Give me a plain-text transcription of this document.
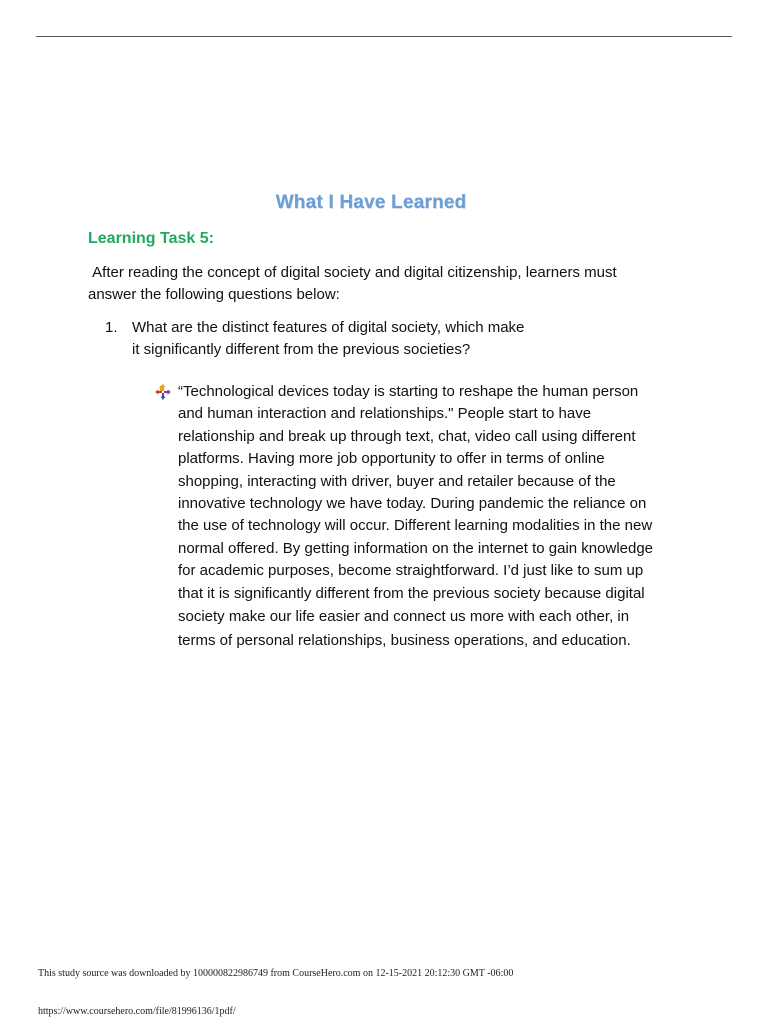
What I Have Learned
Learning Task 5:

After reading the concept of digital society and digital citizenship, learners must answer the following questions below:

1. What are the distinct features of digital society, which make it significantly different from the previous societies?

“Technological devices today is starting to reshape the human person and human interaction and relationships." People start to have relationship and break up through text, chat, video call using different platforms. Having more job opportunity to offer in terms of online shopping, interacting with driver, buyer and retailer because of the innovative technology we have today. During pandemic the reliance on the use of technology will occur. Different learning modalities in the new normal offered. By getting information on the internet to gain knowledge for academic purposes, become straightforward. I’d just like to sum up that it is significantly different from the previous society because digital society make our life easier and connect us more with each other, in terms of personal relationships, business operations, and education.

This study source was downloaded by 100000822986749 from CourseHero.com on 12-15-2021 20:12:30 GMT -06:00
https://www.coursehero.com/file/81996136/1pdf/
